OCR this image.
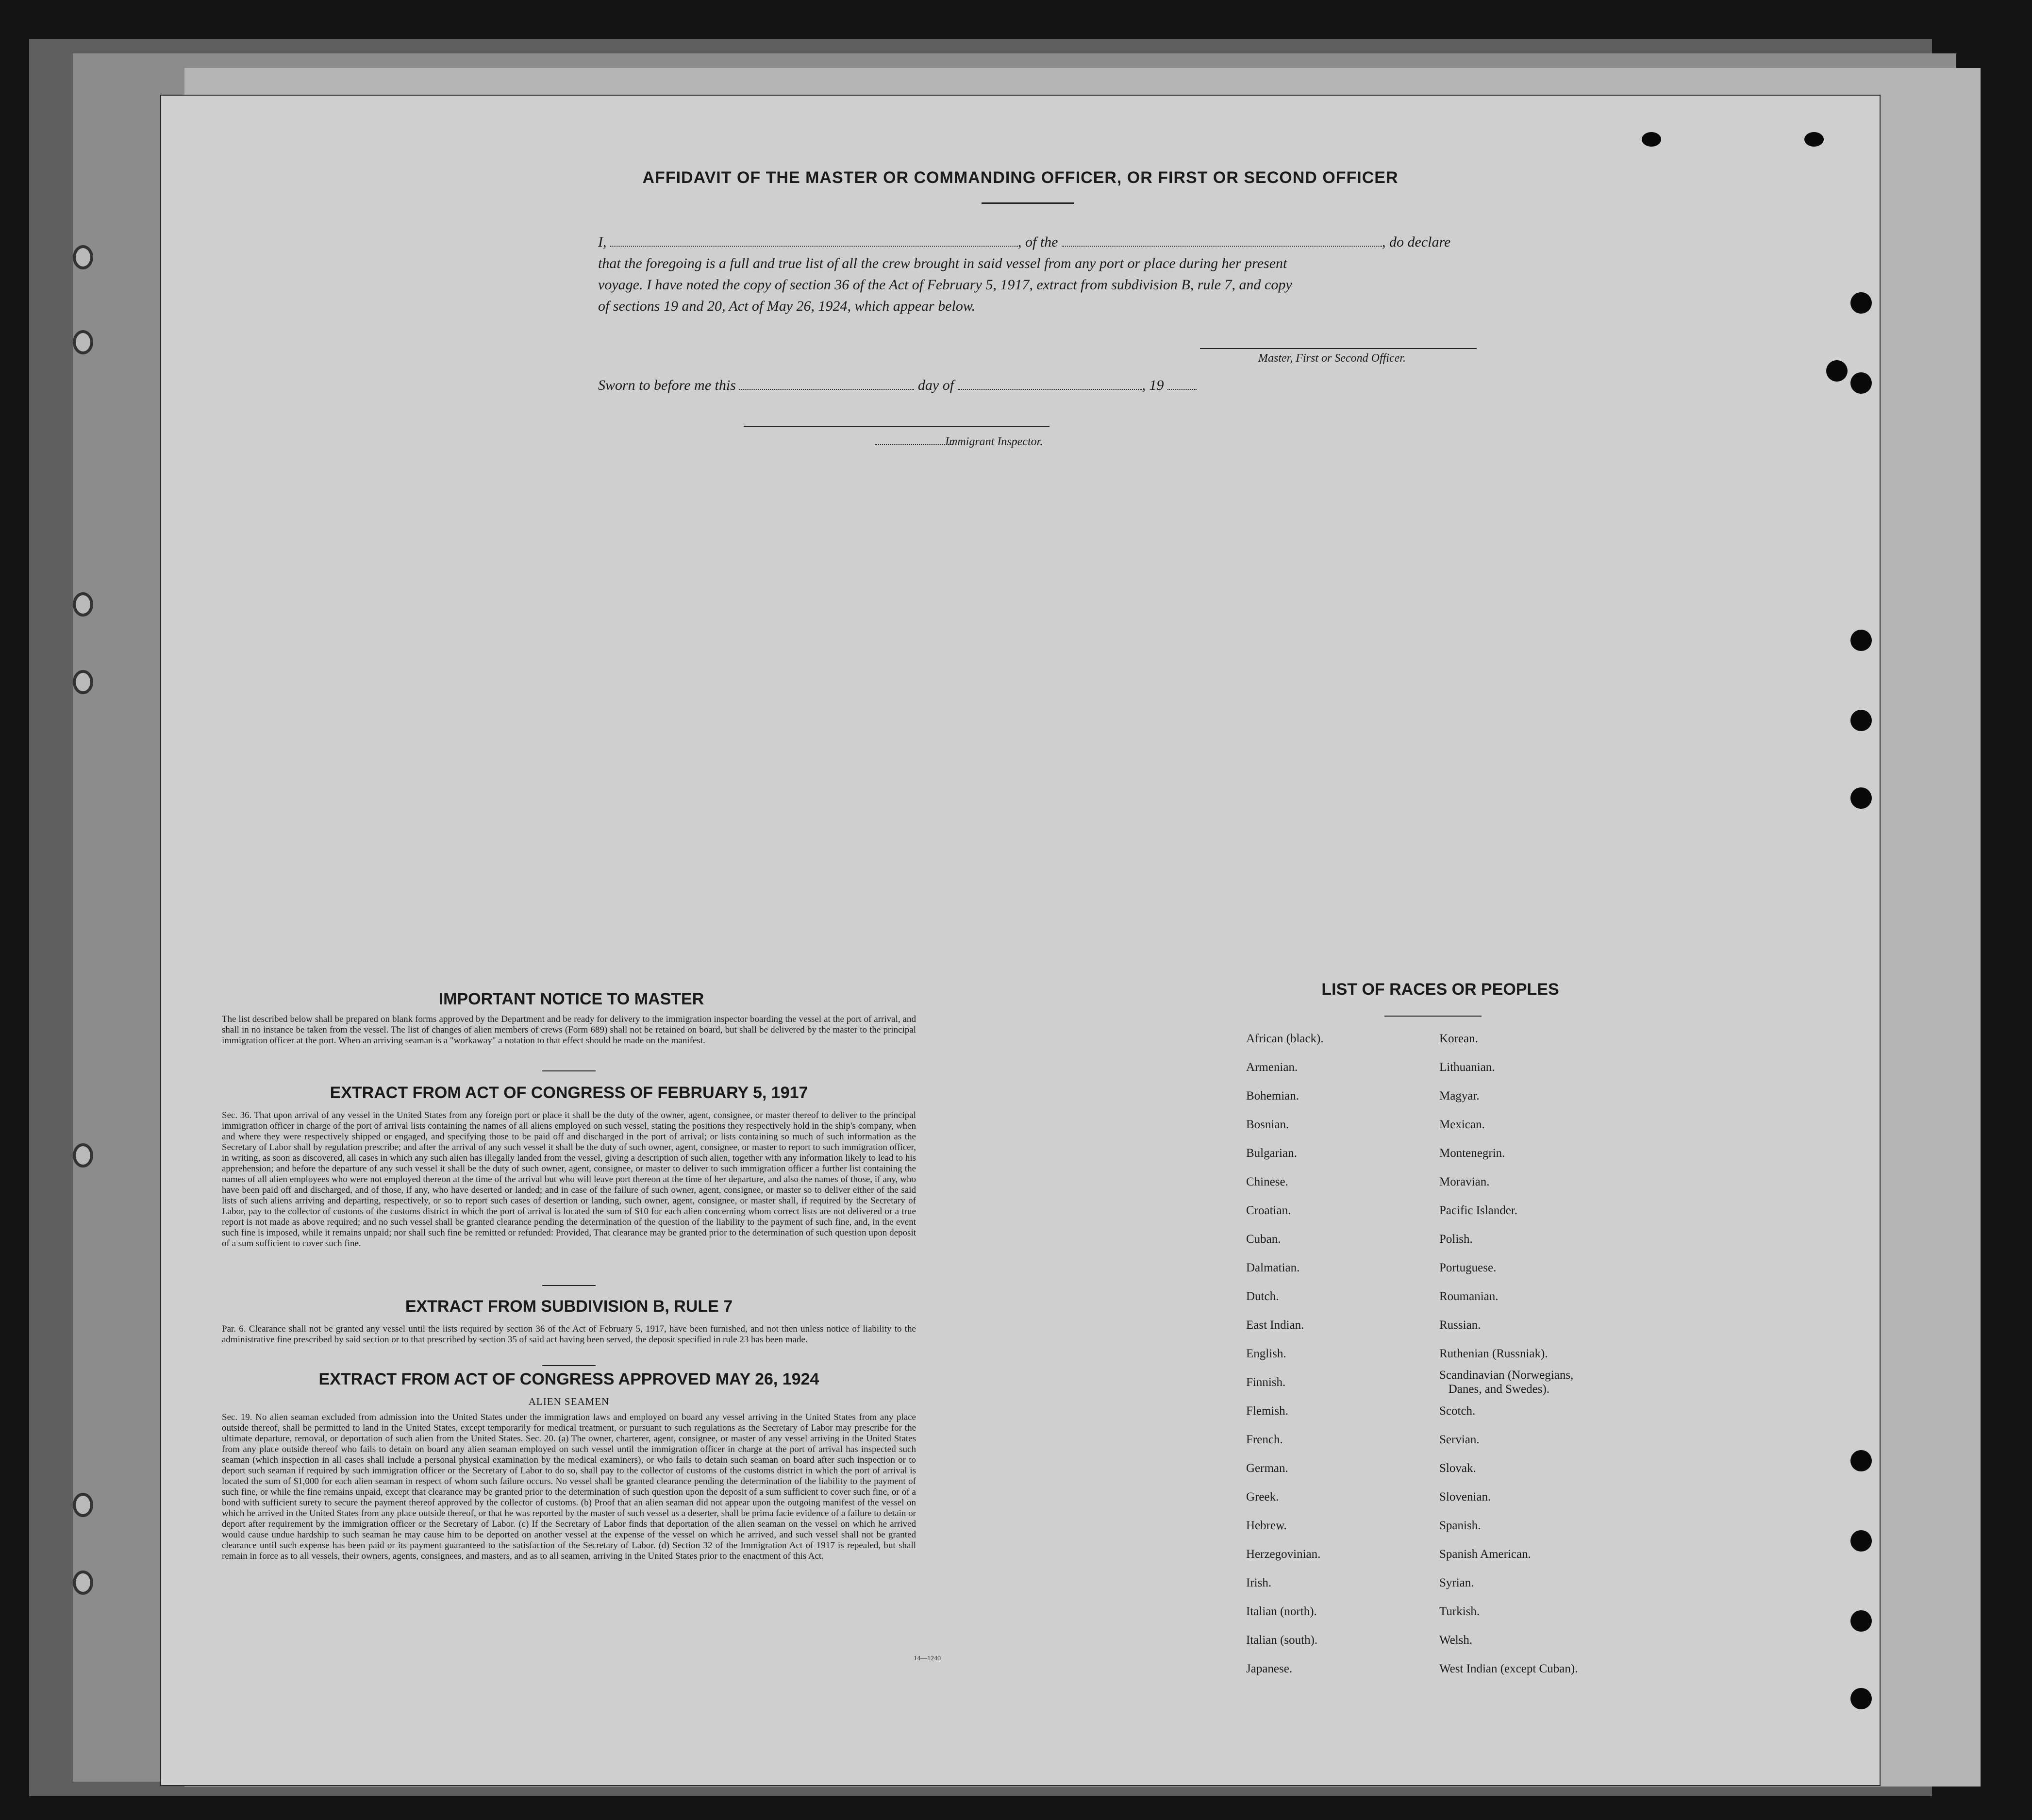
AFFIDAVIT OF THE MASTER OR COMMANDING OFFICER, OR FIRST OR SECOND OFFICER
I,	, of the	, do declare
that the foregoing is a full and true list of all the crew brought in said vessel from any port or place during her present
voyage. I have noted the copy of section 36 of the Act of February 5, 1917, extract from subdivision B, rule 7, and copy
of sections 19 and 20, Act of May 26, 1924, which appear below.
Master, First or Second Officer.
Sworn to before me this	day of	, 19
Immigrant Inspector.
IMPORTANT NOTICE TO MASTER
The list described below shall be prepared on blank forms approved by the Department and be ready for delivery to the immigration inspector boarding the vessel at the port of arrival, and shall in no instance be taken from the vessel. The list of changes of alien members of crews (Form 689) shall not be retained on board, but shall be delivered by the master to the principal immigration officer at the port. When an arriving seaman is a "workaway" a notation to that effect should be made on the manifest.
EXTRACT FROM ACT OF CONGRESS OF FEBRUARY 5, 1917
Sec. 36. That upon arrival of any vessel in the United States from any foreign port or place it shall be the duty of the owner, agent, consignee, or master thereof to deliver to the principal immigration officer in charge of the port of arrival lists containing the names of all aliens employed on such vessel, stating the positions they respectively hold in the ship's company, when and where they were respectively shipped or engaged, and specifying those to be paid off and discharged in the port of arrival; or lists containing so much of such information as the Secretary of Labor shall by regulation prescribe; and after the arrival of any such vessel it shall be the duty of such owner, agent, consignee, or master to report to such immigration officer, in writing, as soon as discovered, all cases in which any such alien has illegally landed from the vessel, giving a description of such alien, together with any information likely to lead to his apprehension; and before the departure of any such vessel it shall be the duty of such owner, agent, consignee, or master to deliver to such immigration officer a further list containing the names of all alien employees who were not employed thereon at the time of the arrival but who will leave port thereon at the time of her departure, and also the names of those, if any, who have been paid off and discharged, and of those, if any, who have deserted or landed; and in case of the failure of such owner, agent, consignee, or master so to deliver either of the said lists of such aliens arriving and departing, respectively, or so to report such cases of desertion or landing, such owner, agent, consignee, or master shall, if required by the Secretary of Labor, pay to the collector of customs of the customs district in which the port of arrival is located the sum of $10 for each alien concerning whom correct lists are not delivered or a true report is not made as above required; and no such vessel shall be granted clearance pending the determination of the question of the liability to the payment of such fine, and, in the event such fine is imposed, while it remains unpaid; nor shall such fine be remitted or refunded: Provided, That clearance may be granted prior to the determination of such question upon deposit of a sum sufficient to cover such fine.
EXTRACT FROM SUBDIVISION B, RULE 7
Par. 6. Clearance shall not be granted any vessel until the lists required by section 36 of the Act of February 5, 1917, have been furnished, and not then unless notice of liability to the administrative fine prescribed by said section or to that prescribed by section 35 of said act having been served, the deposit specified in rule 23 has been made.
EXTRACT FROM ACT OF CONGRESS APPROVED MAY 26, 1924
ALIEN SEAMEN
Sec. 19. No alien seaman excluded from admission into the United States under the immigration laws and employed on board any vessel arriving in the United States from any place outside thereof, shall be permitted to land in the United States, except temporarily for medical treatment, or pursuant to such regulations as the Secretary of Labor may prescribe for the ultimate departure, removal, or deportation of such alien from the United States. Sec. 20. (a) The owner, charterer, agent, consignee, or master of any vessel arriving in the United States from any place outside thereof who fails to detain on board any alien seaman employed on such vessel until the immigration officer in charge at the port of arrival has inspected such seaman (which inspection in all cases shall include a personal physical examination by the medical examiners), or who fails to detain such seaman on board after such inspection or to deport such seaman if required by such immigration officer or the Secretary of Labor to do so, shall pay to the collector of customs of the customs district in which the port of arrival is located the sum of $1,000 for each alien seaman in respect of whom such failure occurs. No vessel shall be granted clearance pending the determination of the liability to the payment of such fine, or while the fine remains unpaid, except that clearance may be granted prior to the determination of such question upon the deposit of a sum sufficient to cover such fine, or of a bond with sufficient surety to secure the payment thereof approved by the collector of customs. (b) Proof that an alien seaman did not appear upon the outgoing manifest of the vessel on which he arrived in the United States from any place outside thereof, or that he was reported by the master of such vessel as a deserter, shall be prima facie evidence of a failure to detain or deport after requirement by the immigration officer or the Secretary of Labor. (c) If the Secretary of Labor finds that deportation of the alien seaman on the vessel on which he arrived would cause undue hardship to such seaman he may cause him to be deported on another vessel at the expense of the vessel on which he arrived, and such vessel shall not be granted clearance until such expense has been paid or its payment guaranteed to the satisfaction of the Secretary of Labor. (d) Section 32 of the Immigration Act of 1917 is repealed, but shall remain in force as to all vessels, their owners, agents, consignees, and masters, and as to all seamen, arriving in the United States prior to the enactment of this Act.
14—1240
LIST OF RACES OR PEOPLES
African (black).
Armenian.
Bohemian.
Bosnian.
Bulgarian.
Chinese.
Croatian.
Cuban.
Dalmatian.
Dutch.
East Indian.
English.
Finnish.
Flemish.
French.
German.
Greek.
Hebrew.
Herzegovinian.
Irish.
Italian (north).
Italian (south).
Japanese.
Korean.
Lithuanian.
Magyar.
Mexican.
Montenegrin.
Moravian.
Pacific Islander.
Polish.
Portuguese.
Roumanian.
Russian.
Ruthenian (Russniak).
Scandinavian (Norwegians,
Danes, and Swedes).
Scotch.
Servian.
Slovak.
Slovenian.
Spanish.
Spanish American.
Syrian.
Turkish.
Welsh.
West Indian (except Cuban).
